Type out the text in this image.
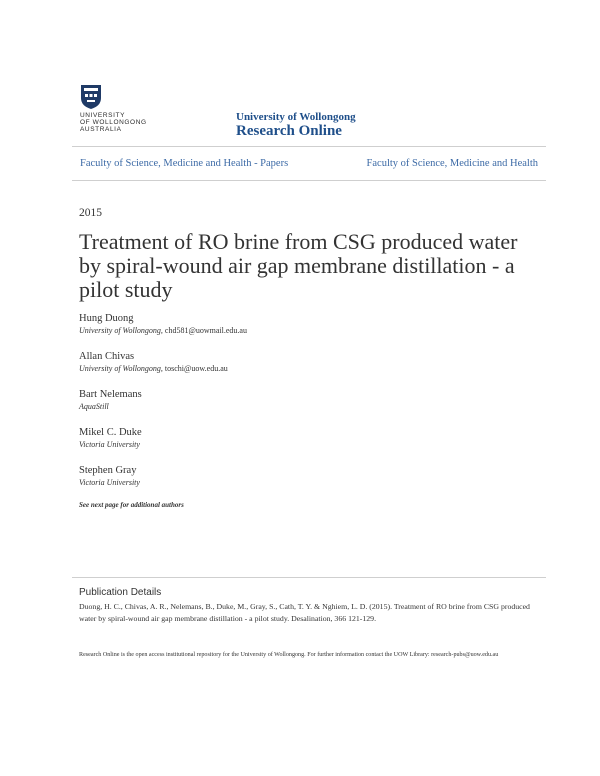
UNIVERSITY
OF WOLLONGONG
AUSTRALIA
University of Wollongong
Research Online
Faculty of Science, Medicine and Health - Papers	Faculty of Science, Medicine and Health
2015
Treatment of RO brine from CSG produced water by spiral-wound air gap membrane distillation - a pilot study
Hung Duong
University of Wollongong, chd581@uowmail.edu.au
Allan Chivas
University of Wollongong, toschi@uow.edu.au
Bart Nelemans
AquaStill
Mikel C. Duke
Victoria University
Stephen Gray
Victoria University
See next page for additional authors
Publication Details
Duong, H. C., Chivas, A. R., Nelemans, B., Duke, M., Gray, S., Cath, T. Y. & Nghiem, L. D. (2015). Treatment of RO brine from CSG produced water by spiral-wound air gap membrane distillation - a pilot study. Desalination, 366 121-129.
Research Online is the open access institutional repository for the University of Wollongong. For further information contact the UOW Library: research-pubs@uow.edu.au
